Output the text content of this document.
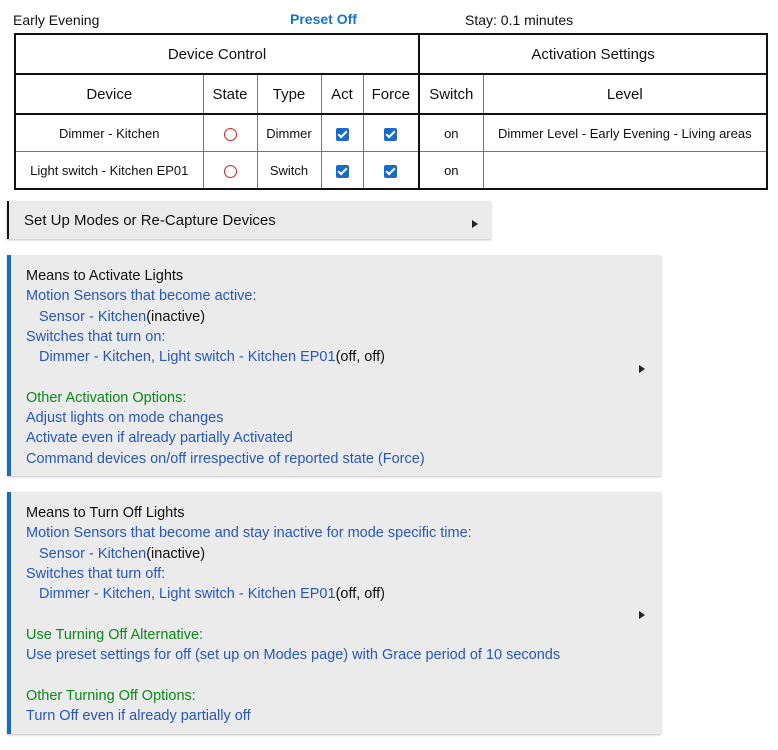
Early Evening	Preset Off	Stay: 0.1 minutes
Device Control					Activation Settings	
Device	State	Type	Act	Force	Switch	Level
Dimmer - Kitchen		Dimmer			on	Dimmer Level - Early Evening - Living areas
Light switch - Kitchen EP01		Switch			on	
Set Up Modes or Re-Capture Devices
Means to Activate Lights
Motion Sensors that become active:
Sensor - Kitchen(inactive)
Switches that turn on:
Dimmer - Kitchen, Light switch - Kitchen EP01(off, off)
Other Activation Options:
Adjust lights on mode changes
Activate even if already partially Activated
Command devices on/off irrespective of reported state (Force)
Means to Turn Off Lights
Motion Sensors that become and stay inactive for mode specific time:
Sensor - Kitchen(inactive)
Switches that turn off:
Dimmer - Kitchen, Light switch - Kitchen EP01(off, off)
Use Turning Off Alternative:
Use preset settings for off (set up on Modes page) with Grace period of 10 seconds
Other Turning Off Options:
Turn Off even if already partially off
